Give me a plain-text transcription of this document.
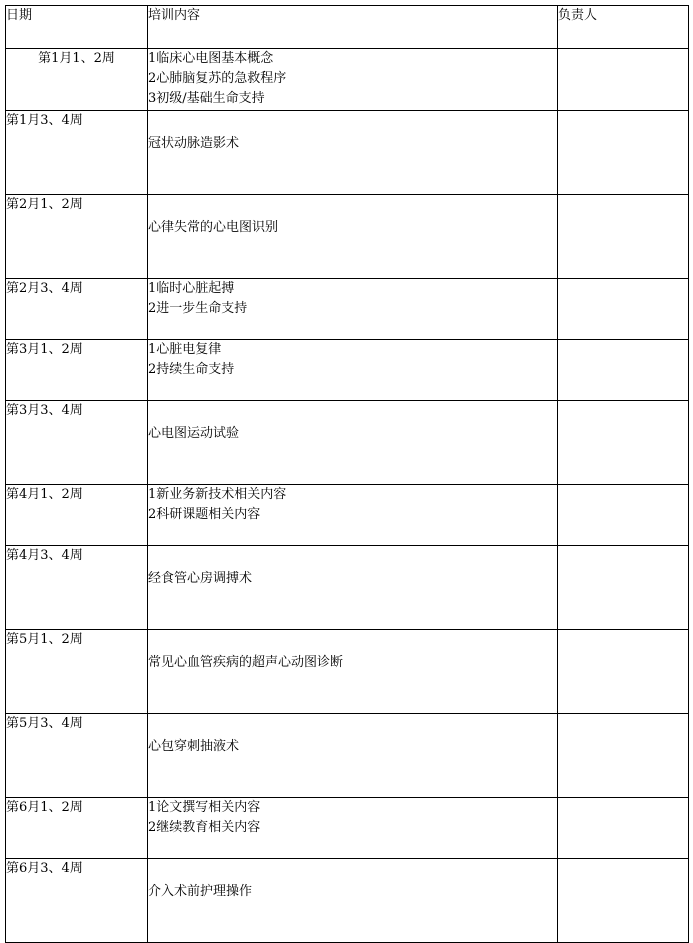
日期	培训内容	负责人
第1月1、2周	1临床心电图基本概念
2心肺脑复苏的急救程序
3初级/基础生命支持	

第1月3、4周	冠状动脉造影术	

第2月1、2周	心律失常的心电图识别	

第2月3、4周	1临时心脏起搏
2进一步生命支持	

第3月1、2周	1心脏电复律
2持续生命支持	

第3月3、4周	心电图运动试验	

第4月1、2周	1新业务新技术相关内容
2科研课题相关内容	

第4月3、4周	经食管心房调搏术	

第5月1、2周	常见心血管疾病的超声心动图诊断	

第5月3、4周	心包穿刺抽液术	

第6月1、2周	1论文撰写相关内容
2继续教育相关内容	

第6月3、4周	介入术前护理操作	
